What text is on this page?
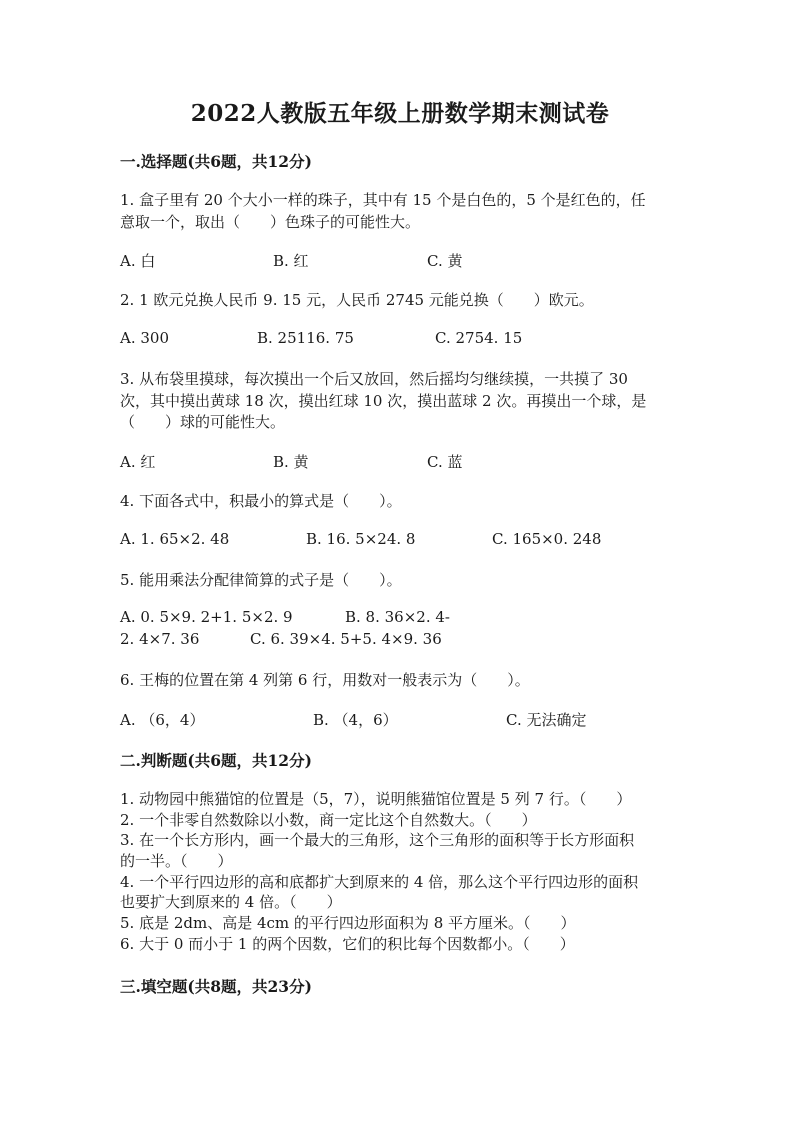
2022人教版五年级上册数学期末测试卷
一.选择题(共6题，共12分)
1. 盒子里有 20 个大小一样的珠子，其中有 15 个是白色的，5 个是红色的，任
意取一个，取出（　　）色珠子的可能性大。
A. 白	B. 红	C. 黄
2. 1 欧元兑换人民币 9. 15 元，人民币 2745 元能兑换（　　）欧元。
A. 300	B. 25116. 75	C. 2754. 15
3. 从布袋里摸球，每次摸出一个后又放回，然后摇均匀继续摸，一共摸了 30
次，其中摸出黄球 18 次，摸出红球 10 次，摸出蓝球 2 次。再摸出一个球，是
（　　）球的可能性大。
A. 红	B. 黄	C. 蓝
4. 下面各式中，积最小的算式是（　　）。
A. 1. 65×2. 48	B. 16. 5×24. 8	C. 165×0. 248
5. 能用乘法分配律简算的式子是（　　）。
A. 0. 5×9. 2+1. 5×2. 9	B. 8. 36×2. 4-
2. 4×7. 36	C. 6. 39×4. 5+5. 4×9. 36
6. 王梅的位置在第 4 列第 6 行，用数对一般表示为（　　）。
A. （6，4）	B. （4，6）	C. 无法确定
二.判断题(共6题，共12分)
1. 动物园中熊猫馆的位置是（5，7），说明熊猫馆位置是 5 列 7 行。（　　）
2. 一个非零自然数除以小数，商一定比这个自然数大。（　　）
3. 在一个长方形内，画一个最大的三角形，这个三角形的面积等于长方形面积
的一半。（　　）
4. 一个平行四边形的高和底都扩大到原来的 4 倍，那么这个平行四边形的面积
也要扩大到原来的 4 倍。（　　）
5. 底是 2dm、高是 4cm 的平行四边形面积为 8 平方厘米。（　　）
6. 大于 0 而小于 1 的两个因数，它们的积比每个因数都小。（　　）
三.填空题(共8题，共23分)
